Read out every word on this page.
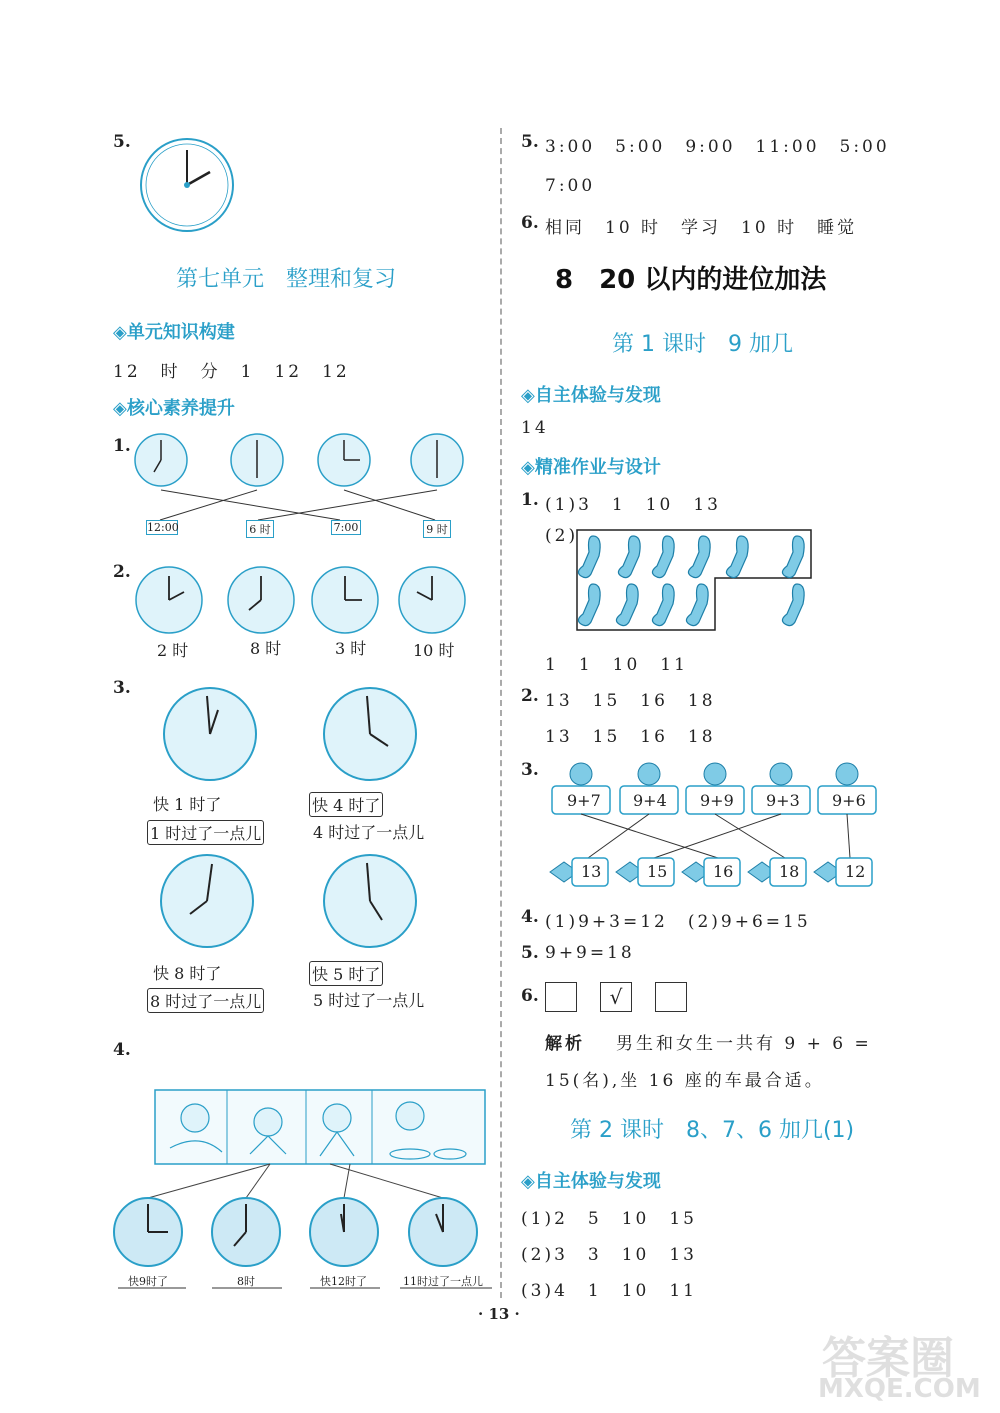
5.
第七单元　整理和复习
◈单元知识构建
12　时　分　1　12　12
◈核心素养提升
1.
12:00	6 时	7:00	9 时
2.
2 时	8 时	3 时	10 时
3.
快 1 时了
1 时过了一点儿
快 4 时了
4 时过了一点儿
快 8 时了
8 时过了一点儿
快 5 时了
5 时过了一点儿
4.
快9时了	8时	快12时了	11时过了一点儿
5. 3:00　5:00　9:00　11:00　5:00
7:00
6. 相同　10 时　学习　10 时　睡觉
8　20 以内的进位加法
第 1 课时　9 加几
◈自主体验与发现
14
◈精准作业与设计
1. (1)3　1　10　13
(2)
1　1　10　11
2. 13　15　16　18
13　15　16　18
3.
9+7 9+4 9+9 9+3 9+6
13	15	16	18	12
4. (1)9+3=12　(2)9+6=15
5. 9+9=18
6.	√
解析 男生和女生一共有 9 + 6 =
15(名),坐 16 座的车最合适。
第 2 课时　8、7、6 加几(1)
◈自主体验与发现
(1)2　5　10　15
(2)3　3　10　13
(3)4　1　10　11
· 13 ·
答案圈
MXQE.COM
